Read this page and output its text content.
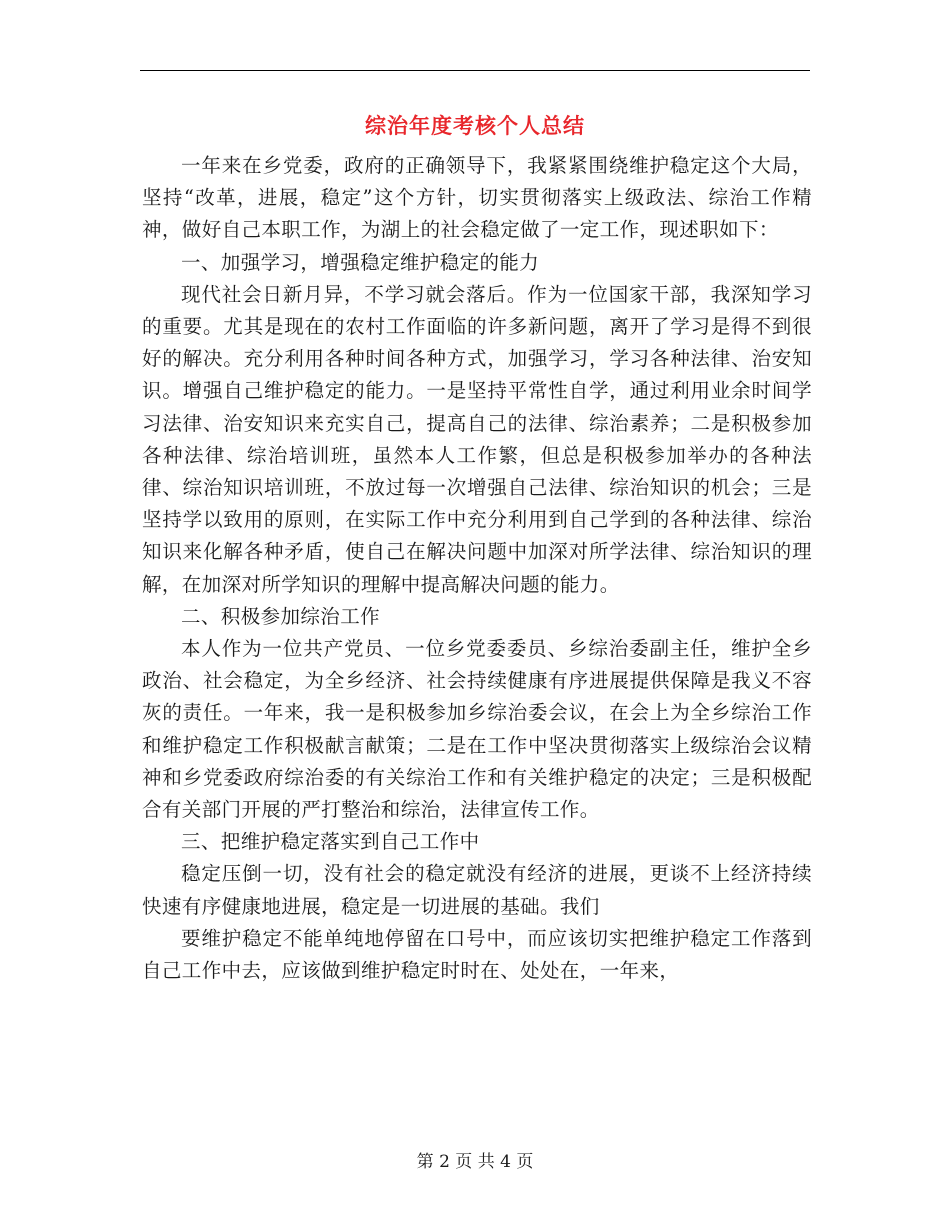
综治年度考核个人总结

一年来在乡党委，政府的正确领导下，我紧紧围绕维护稳定这个大局，坚持“改革，进展，稳定”这个方针，切实贯彻落实上级政法、综治工作精神，做好自己本职工作，为湖上的社会稳定做了一定工作，现述职如下：

一、加强学习，增强稳定维护稳定的能力

现代社会日新月异，不学习就会落后。作为一位国家干部，我深知学习的重要。尤其是现在的农村工作面临的许多新问题，离开了学习是得不到很好的解决。充分利用各种时间各种方式，加强学习，学习各种法律、治安知识。增强自己维护稳定的能力。一是坚持平常性自学，通过利用业余时间学习法律、治安知识来充实自己，提高自己的法律、综治素养；二是积极参加各种法律、综治培训班，虽然本人工作繁，但总是积极参加举办的各种法律、综治知识培训班，不放过每一次增强自己法律、综治知识的机会；三是坚持学以致用的原则，在实际工作中充分利用到自己学到的各种法律、综治知识来化解各种矛盾，使自己在解决问题中加深对所学法律、综治知识的理解，在加深对所学知识的理解中提高解决问题的能力。

二、积极参加综治工作

本人作为一位共产党员、一位乡党委委员、乡综治委副主任，维护全乡政治、社会稳定，为全乡经济、社会持续健康有序进展提供保障是我义不容灰的责任。一年来，我一是积极参加乡综治委会议，在会上为全乡综治工作和维护稳定工作积极献言献策；二是在工作中坚决贯彻落实上级综治会议精神和乡党委政府综治委的有关综治工作和有关维护稳定的决定；三是积极配合有关部门开展的严打整治和综治，法律宣传工作。

三、把维护稳定落实到自己工作中

稳定压倒一切，没有社会的稳定就没有经济的进展，更谈不上经济持续快速有序健康地进展，稳定是一切进展的基础。我们

要维护稳定不能单纯地停留在口号中，而应该切实把维护稳定工作落到自己工作中去，应该做到维护稳定时时在、处处在，一年来，

第 2 页 共 4 页
